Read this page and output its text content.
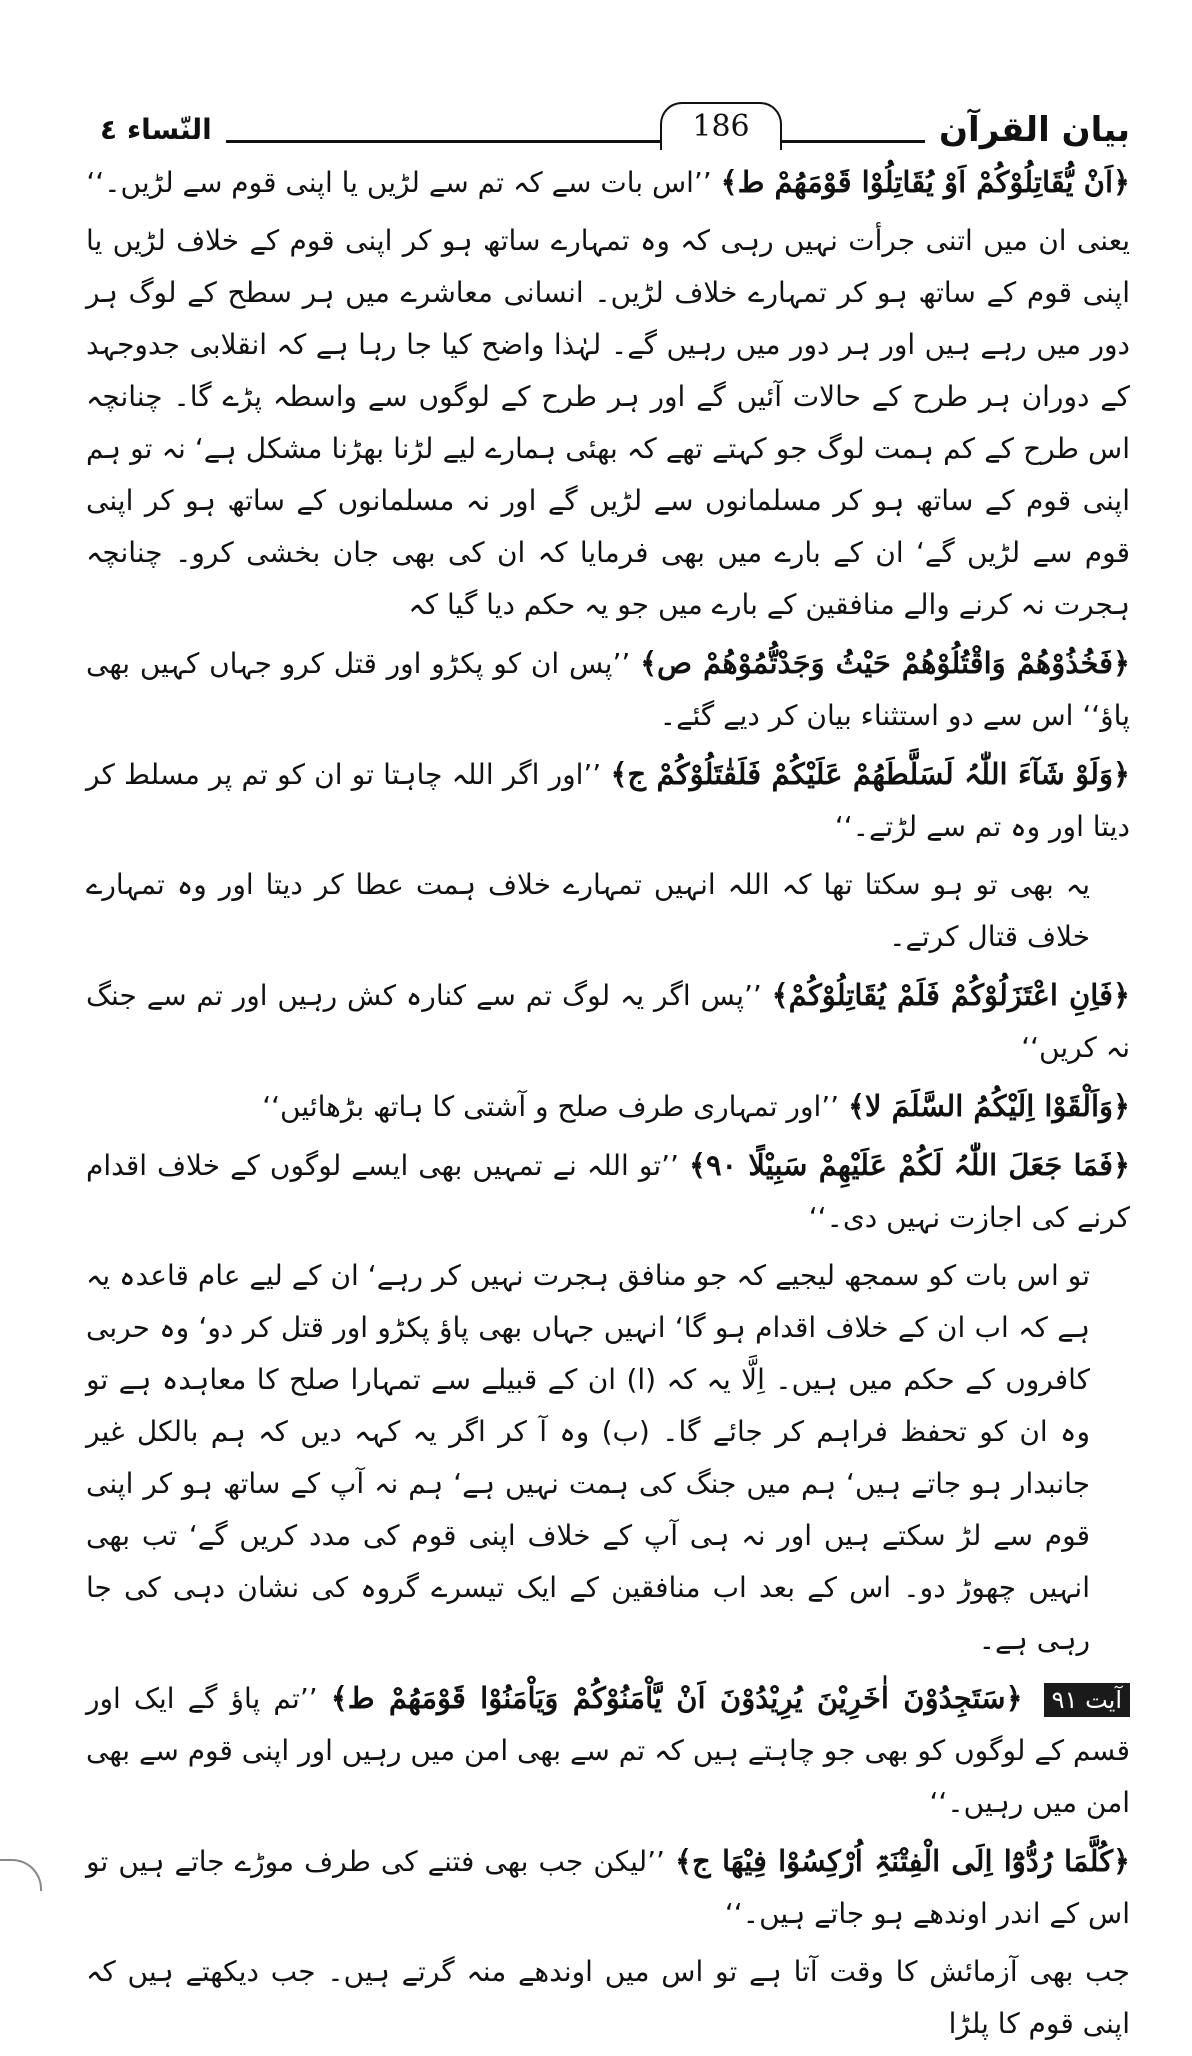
بیان القرآن
186
النّساء ٤

﴿اَنْ یُّقَاتِلُوْکُمْ اَوْ یُقَاتِلُوْا قَوْمَھُمْ ط﴾ ’’اس بات سے کہ تم سے لڑیں یا اپنی قوم سے لڑیں۔‘‘

یعنی ان میں اتنی جرأت نہیں رہی کہ وہ تمہارے ساتھ ہو کر اپنی قوم کے خلاف لڑیں یا اپنی قوم کے ساتھ ہو کر تمہارے خلاف لڑیں۔ انسانی معاشرے میں ہر سطح کے لوگ ہر دور میں رہے ہیں اور ہر دور میں رہیں گے۔ لہٰذا واضح کیا جا رہا ہے کہ انقلابی جدوجہد کے دوران ہر طرح کے حالات آئیں گے اور ہر طرح کے لوگوں سے واسطہ پڑے گا۔ چنانچہ اس طرح کے کم ہمت لوگ جو کہتے تھے کہ بھئی ہمارے لیے لڑنا بھڑنا مشکل ہے‘ نہ تو ہم اپنی قوم کے ساتھ ہو کر مسلمانوں سے لڑیں گے اور نہ مسلمانوں کے ساتھ ہو کر اپنی قوم سے لڑیں گے‘ ان کے بارے میں بھی فرمایا کہ ان کی بھی جان بخشی کرو۔ چنانچہ ہجرت نہ کرنے والے منافقین کے بارے میں جو یہ حکم دیا گیا کہ

﴿فَخُذُوْھُمْ وَاقْتُلُوْھُمْ حَیْثُ وَجَدْتُّمُوْھُمْ ص﴾ ’’پس ان کو پکڑو اور قتل کرو جہاں کہیں بھی پاؤ‘‘ اس سے دو استثناء بیان کر دیے گئے۔

﴿وَلَوْ شَآءَ اللّٰہُ لَسَلَّطَھُمْ عَلَیْکُمْ فَلَقٰتَلُوْکُمْ ج﴾ ’’اور اگر اللہ چاہتا تو ان کو تم پر مسلط کر دیتا اور وہ تم سے لڑتے۔‘‘

یہ بھی تو ہو سکتا تھا کہ اللہ انہیں تمہارے خلاف ہمت عطا کر دیتا اور وہ تمہارے خلاف قتال کرتے۔

﴿فَاِنِ اعْتَزَلُوْکُمْ فَلَمْ یُقَاتِلُوْکُمْ﴾ ’’پس اگر یہ لوگ تم سے کنارہ کش رہیں اور تم سے جنگ نہ کریں‘‘

﴿وَاَلْقَوْا اِلَیْکُمُ السَّلَمَ لا﴾ ’’اور تمہاری طرف صلح و آشتی کا ہاتھ بڑھائیں‘‘

﴿فَمَا جَعَلَ اللّٰہُ لَکُمْ عَلَیْھِمْ سَبِیْلًا ۹۰﴾ ’’تو اللہ نے تمہیں بھی ایسے لوگوں کے خلاف اقدام کرنے کی اجازت نہیں دی۔‘‘

تو اس بات کو سمجھ لیجیے کہ جو منافق ہجرت نہیں کر رہے‘ ان کے لیے عام قاعدہ یہ ہے کہ اب ان کے خلاف اقدام ہو گا‘ انہیں جہاں بھی پاؤ پکڑو اور قتل کر دو‘ وہ حربی کافروں کے حکم میں ہیں۔ اِلَّا یہ کہ (ا) ان کے قبیلے سے تمہارا صلح کا معاہدہ ہے تو وہ ان کو تحفظ فراہم کر جائے گا۔ (ب) وہ آ کر اگر یہ کہہ دیں کہ ہم بالکل غیر جانبدار ہو جاتے ہیں‘ ہم میں جنگ کی ہمت نہیں ہے‘ ہم نہ آپ کے ساتھ ہو کر اپنی قوم سے لڑ سکتے ہیں اور نہ ہی آپ کے خلاف اپنی قوم کی مدد کریں گے‘ تب بھی انہیں چھوڑ دو۔ اس کے بعد اب منافقین کے ایک تیسرے گروہ کی نشان دہی کی جا رہی ہے۔

آیت ۹۱ ﴿سَتَجِدُوْنَ اٰخَرِیْنَ یُرِیْدُوْنَ اَنْ یَّاْمَنُوْکُمْ وَیَاْمَنُوْا قَوْمَھُمْ ط﴾ ’’تم پاؤ گے ایک اور قسم کے لوگوں کو بھی جو چاہتے ہیں کہ تم سے بھی امن میں رہیں اور اپنی قوم سے بھی امن میں رہیں۔‘‘

﴿کُلَّمَا رُدُّوْٓا اِلَی الْفِتْنَۃِ اُرْکِسُوْا فِیْھَا ج﴾ ’’لیکن جب بھی فتنے کی طرف موڑے جاتے ہیں تو اس کے اندر اوندھے ہو جاتے ہیں۔‘‘

جب بھی آزمائش کا وقت آتا ہے تو اس میں اوندھے منہ گرتے ہیں۔ جب دیکھتے ہیں کہ اپنی قوم کا پلڑا
